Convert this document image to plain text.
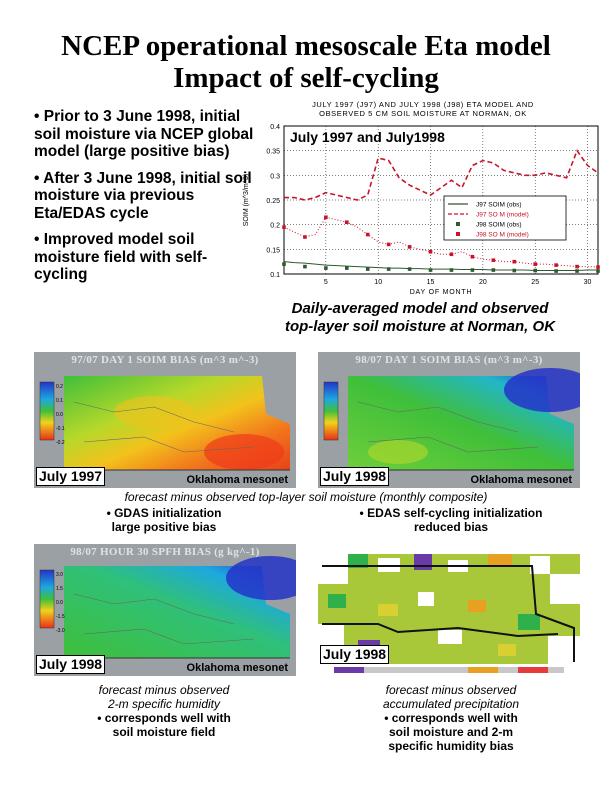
NCEP operational mesoscale Eta model
Impact of self-cycling
• Prior to 3 June 1998, initial soil moisture via NCEP global model (large positive bias)
• After 3 June 1998, initial soil moisture via previous Eta/EDAS cycle
• Improved model soil moisture field with self-cycling
JULY 1997 (J97) AND JULY 1998 (J98) ETA MODEL AND
OBSERVED 5 CM SOIL MOISTURE AT NORMAN, OK
0.1
0.15
0.2
0.25
0.3
0.35
0.4
5	10	15	20	25	30
DAY OF MONTH
SOIM (m^3/m^3)
July 1997 and July1998
J97 SOIM (obs)
J97 SO M (model)
J98 SOIM (obs)
J98 SO M (model)
Daily-averaged model and observed
top-layer soil moisture at Norman, OK
97/07 DAY 1 SOIM BIAS (m^3 m^-3)
July 1997	Oklahoma mesonet
0.2
0.1
0.0
-0.1
-0.2
98/07 DAY 1 SOIM BIAS (m^3 m^-3)
July 1998	Oklahoma mesonet
forecast minus observed top-layer soil moisture (monthly composite)
• GDAS initialization
large positive bias
• EDAS self-cycling initialization
reduced bias
98/07 HOUR 30 SPFH BIAS (g kg^-1)
July 1998	Oklahoma mesonet
3.0
1.5
0.0
-1.5
-3.0
July 1998
forecast minus observed
2-m specific humidity
• corresponds well with
soil moisture field
forecast minus observed
accumulated precipitation
• corresponds well with
soil moisture and 2-m
specific humidity bias
